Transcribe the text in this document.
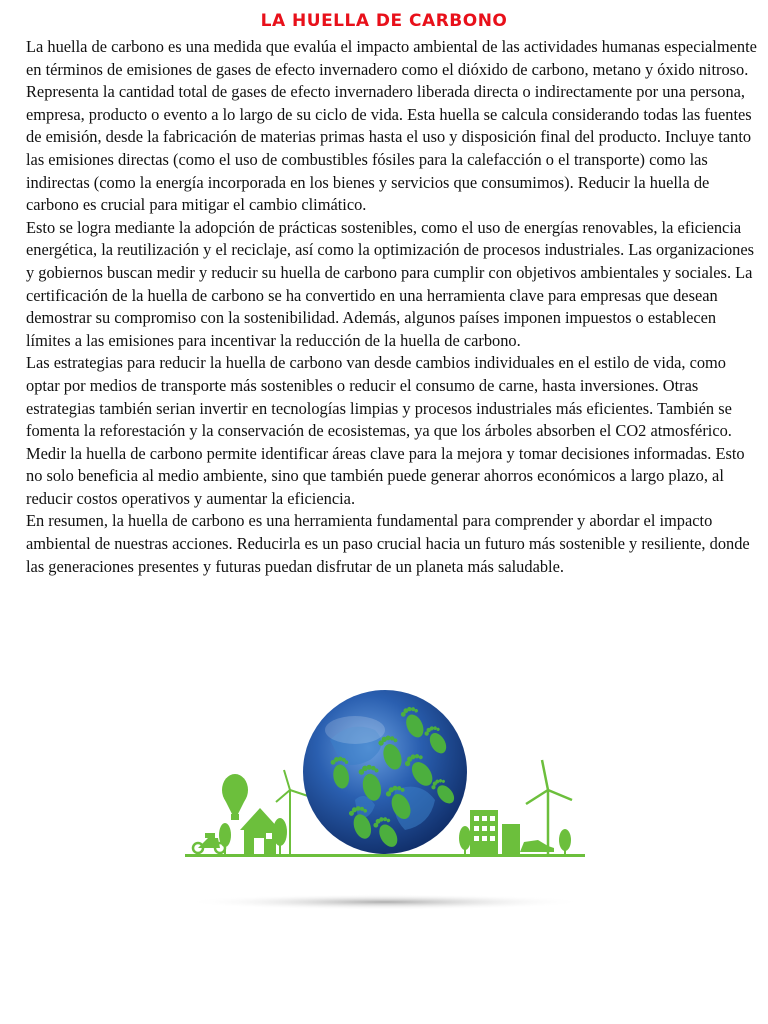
LA HUELLA DE CARBONO

La huella de carbono es una medida que evalúa el impacto ambiental de las actividades humanas especialmente en términos de emisiones de gases de efecto invernadero como el dióxido de carbono, metano y óxido nitroso. Representa la cantidad total de gases de efecto invernadero liberada directa o indirectamente por una persona, empresa, producto o evento a lo largo de su ciclo de vida. Esta huella se calcula considerando todas las fuentes de emisión, desde la fabricación de materias primas hasta el uso y disposición final del producto. Incluye tanto las emisiones directas (como el uso de combustibles fósiles para la calefacción o el transporte) como las indirectas (como la energía incorporada en los bienes y servicios que consumimos). Reducir la huella de carbono es crucial para mitigar el cambio climático.

Esto se logra mediante la adopción de prácticas sostenibles, como el uso de energías renovables, la eficiencia energética, la reutilización y el reciclaje, así como la optimización de procesos industriales. Las organizaciones y gobiernos buscan medir y reducir su huella de carbono para cumplir con objetivos ambientales y sociales. La certificación de la huella de carbono se ha convertido en una herramienta clave para empresas que desean demostrar su compromiso con la sostenibilidad. Además, algunos países imponen impuestos o establecen límites a las emisiones para incentivar la reducción de la huella de carbono.

Las estrategias para reducir la huella de carbono van desde cambios individuales en el estilo de vida, como optar por medios de transporte más sostenibles o reducir el consumo de carne, hasta inversiones. Otras estrategias también serian invertir en tecnologías limpias y procesos industriales más eficientes. También se fomenta la reforestación y la conservación de ecosistemas, ya que los árboles absorben el CO2 atmosférico. Medir la huella de carbono permite identificar áreas clave para la mejora y tomar decisiones informadas. Esto no solo beneficia al medio ambiente, sino que también puede generar ahorros económicos a largo plazo, al reducir costos operativos y aumentar la eficiencia.

En resumen, la huella de carbono es una herramienta fundamental para comprender y abordar el impacto ambiental de nuestras acciones. Reducirla es un paso crucial hacia un futuro más sostenible y resiliente, donde las generaciones presentes y futuras puedan disfrutar de un planeta más saludable.
